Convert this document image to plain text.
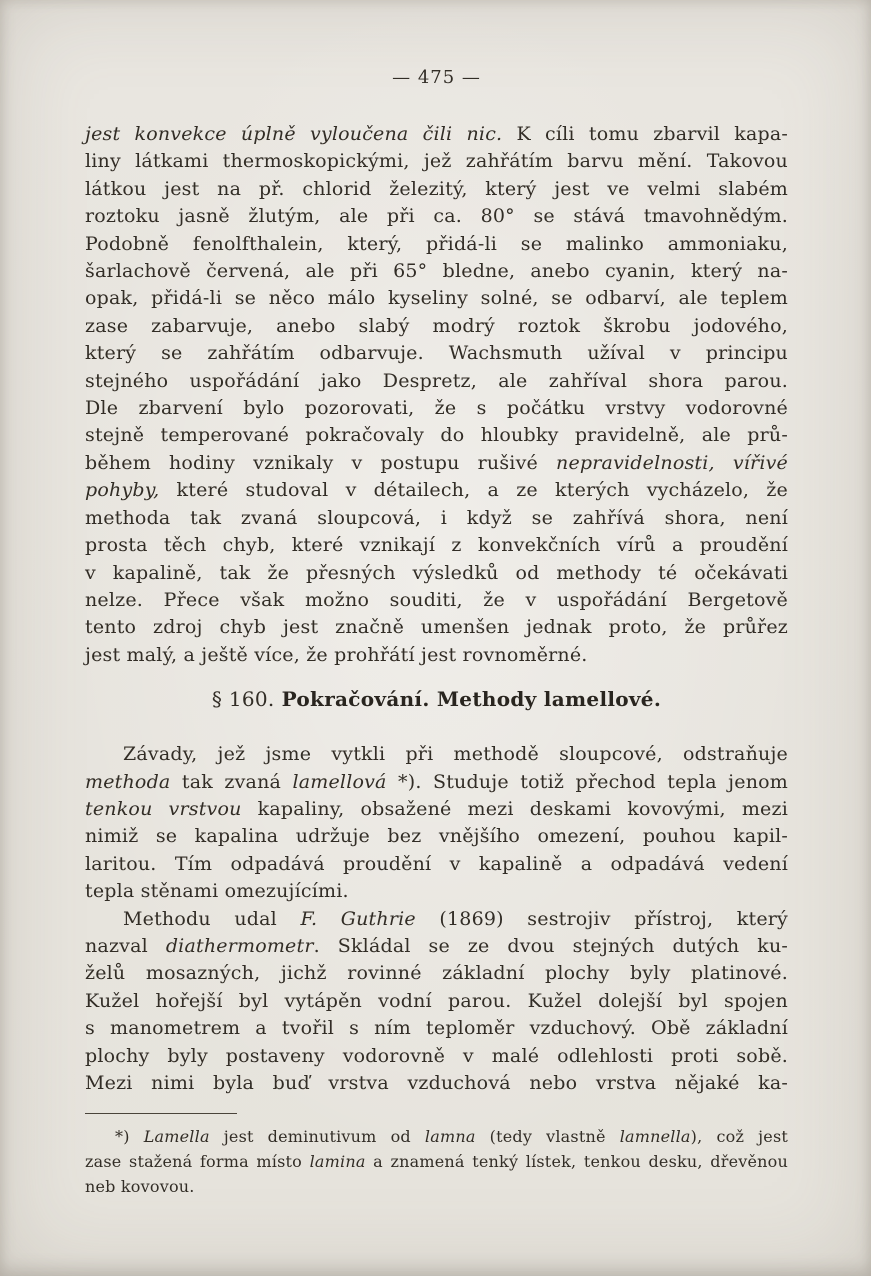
— 475 —
jest konvekce úplně vyloučena čili nic. K cíli tomu zbarvil kapa-
liny látkami thermoskopickými, jež zahřátím barvu mění. Takovou
látkou jest na př. chlorid železitý, který jest ve velmi slabém
roztoku jasně žlutým, ale při ca. 80° se stává tmavohnědým.
Podobně fenolfthalein, který, přidá-li se malinko ammoniaku,
šarlachově červená, ale při 65° bledne, anebo cyanin, který na-
opak, přidá-li se něco málo kyseliny solné, se odbarví, ale teplem
zase zabarvuje, anebo slabý modrý roztok škrobu jodového,
který se zahřátím odbarvuje. Wachsmuth užíval v principu
stejného uspořádání jako Despretz, ale zahříval shora parou.
Dle zbarvení bylo pozorovati, že s počátku vrstvy vodorovné
stejně temperované pokračovaly do hloubky pravidelně, ale prů-
během hodiny vznikaly v postupu rušivé nepravidelnosti, vířivé
pohyby, které studoval v détailech, a ze kterých vycházelo, že
methoda tak zvaná sloupcová, i když se zahřívá shora, není
prosta těch chyb, které vznikají z konvekčních vírů a proudění
v kapalině, tak že přesných výsledků od methody té očekávati
nelze. Přece však možno souditi, že v uspořádání Bergetově
tento zdroj chyb jest značně umenšen jednak proto, že průřez
jest malý, a ještě více, že prohřátí jest rovnoměrné.
§ 160. Pokračování. Methody lamellové.
Závady, jež jsme vytkli při methodě sloupcové, odstraňuje
methoda tak zvaná lamellová *). Studuje totiž přechod tepla jenom
tenkou vrstvou kapaliny, obsažené mezi deskami kovovými, mezi
nimiž se kapalina udržuje bez vnějšího omezení, pouhou kapil-
laritou. Tím odpadává proudění v kapalině a odpadává vedení
tepla stěnami omezujícími.
Methodu udal F. Guthrie (1869) sestrojiv přístroj, který
nazval diathermometr. Skládal se ze dvou stejných dutých ku-
želů mosazných, jichž rovinné základní plochy byly platinové.
Kužel hořejší byl vytápěn vodní parou. Kužel dolejší byl spojen
s manometrem a tvořil s ním teploměr vzduchový. Obě základní
plochy byly postaveny vodorovně v malé odlehlosti proti sobě.
Mezi nimi byla buď vrstva vzduchová nebo vrstva nějaké ka-
*) Lamella jest deminutivum od lamna (tedy vlastně lamnella), což jest
zase stažená forma místo lamina a znamená tenký lístek, tenkou desku, dřevěnou
neb kovovou.
